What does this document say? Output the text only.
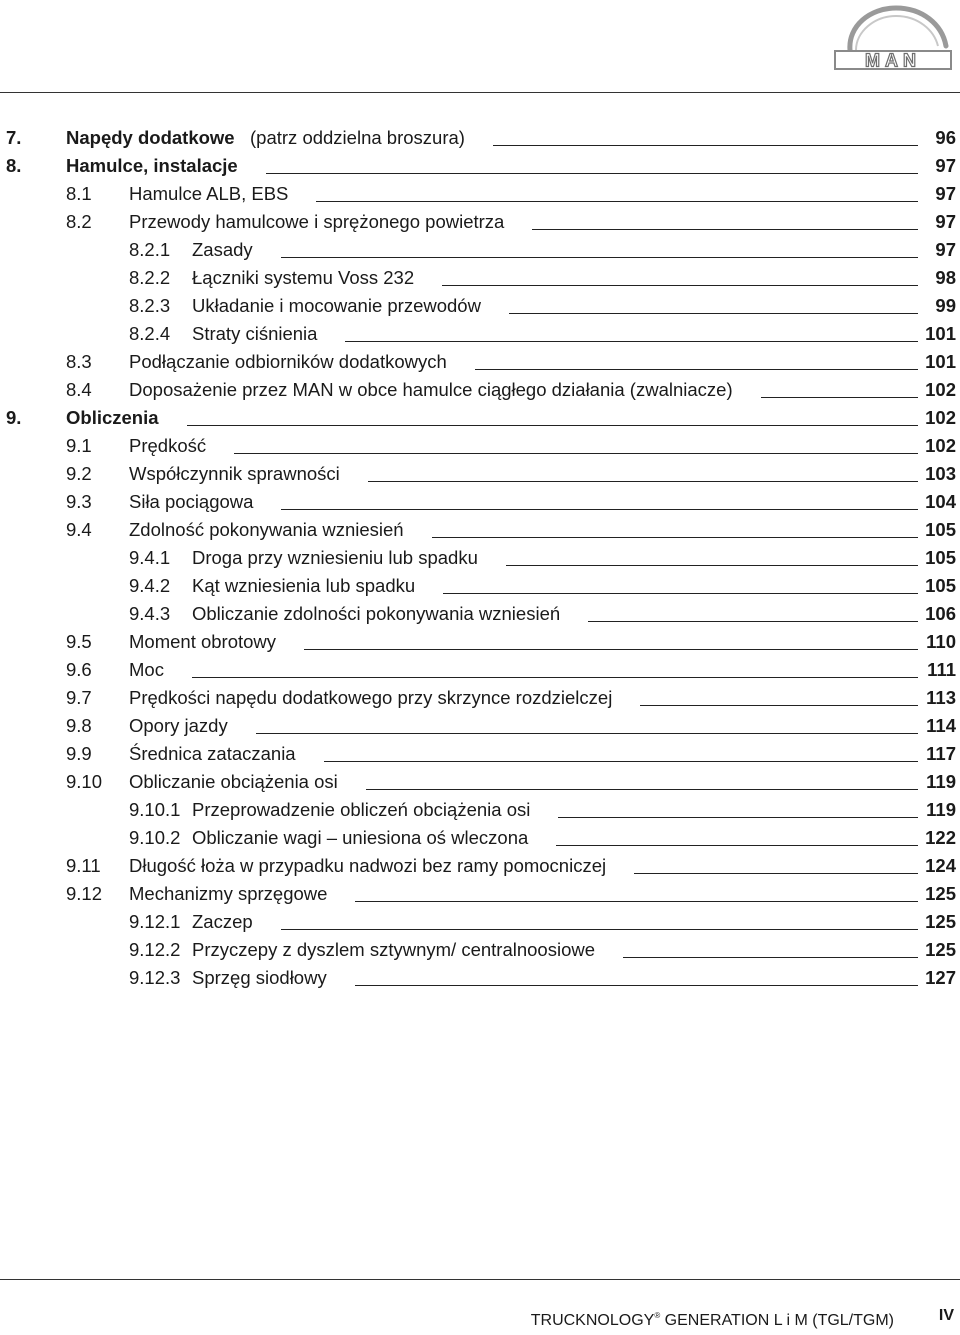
MAN
7. Napędy dodatkowe (patrz oddzielna broszura)	96
8. Hamulce, instalacje	97
8.1 Hamulce ALB, EBS	97
8.2 Przewody hamulcowe i sprężonego powietrza	97
8.2.1 Zasady	97
8.2.2 Łączniki systemu Voss 232	98
8.2.3 Układanie i mocowanie przewodów	99
8.2.4 Straty ciśnienia	101
8.3 Podłączanie odbiorników dodatkowych	101
8.4 Doposażenie przez MAN w obce hamulce ciągłego działania (zwalniacze)	102
9. Obliczenia	102
9.1 Prędkość	102
9.2 Współczynnik sprawności	103
9.3 Siła pociągowa	104
9.4 Zdolność pokonywania wzniesień	105
9.4.1 Droga przy wzniesieniu lub spadku	105
9.4.2 Kąt wzniesienia lub spadku	105
9.4.3 Obliczanie zdolności pokonywania wzniesień	106
9.5 Moment obrotowy	110
9.6 Moc	111
9.7 Prędkości napędu dodatkowego przy skrzynce rozdzielczej	113
9.8 Opory jazdy	114
9.9 Średnica zataczania	117
9.10 Obliczanie obciążenia osi	119
9.10.1 Przeprowadzenie obliczeń obciążenia osi	119
9.10.2 Obliczanie wagi – uniesiona oś wleczona	122
9.11 Długość łoża w przypadku nadwozi bez ramy pomocniczej	124
9.12 Mechanizmy sprzęgowe	125
9.12.1 Zaczep	125
9.12.2 Przyczepy z dyszlem sztywnym/ centralnoosiowe	125
9.12.3 Sprzęg siodłowy	127
TRUCKNOLOGY® GENERATION L i M (TGL/TGM)	IV
